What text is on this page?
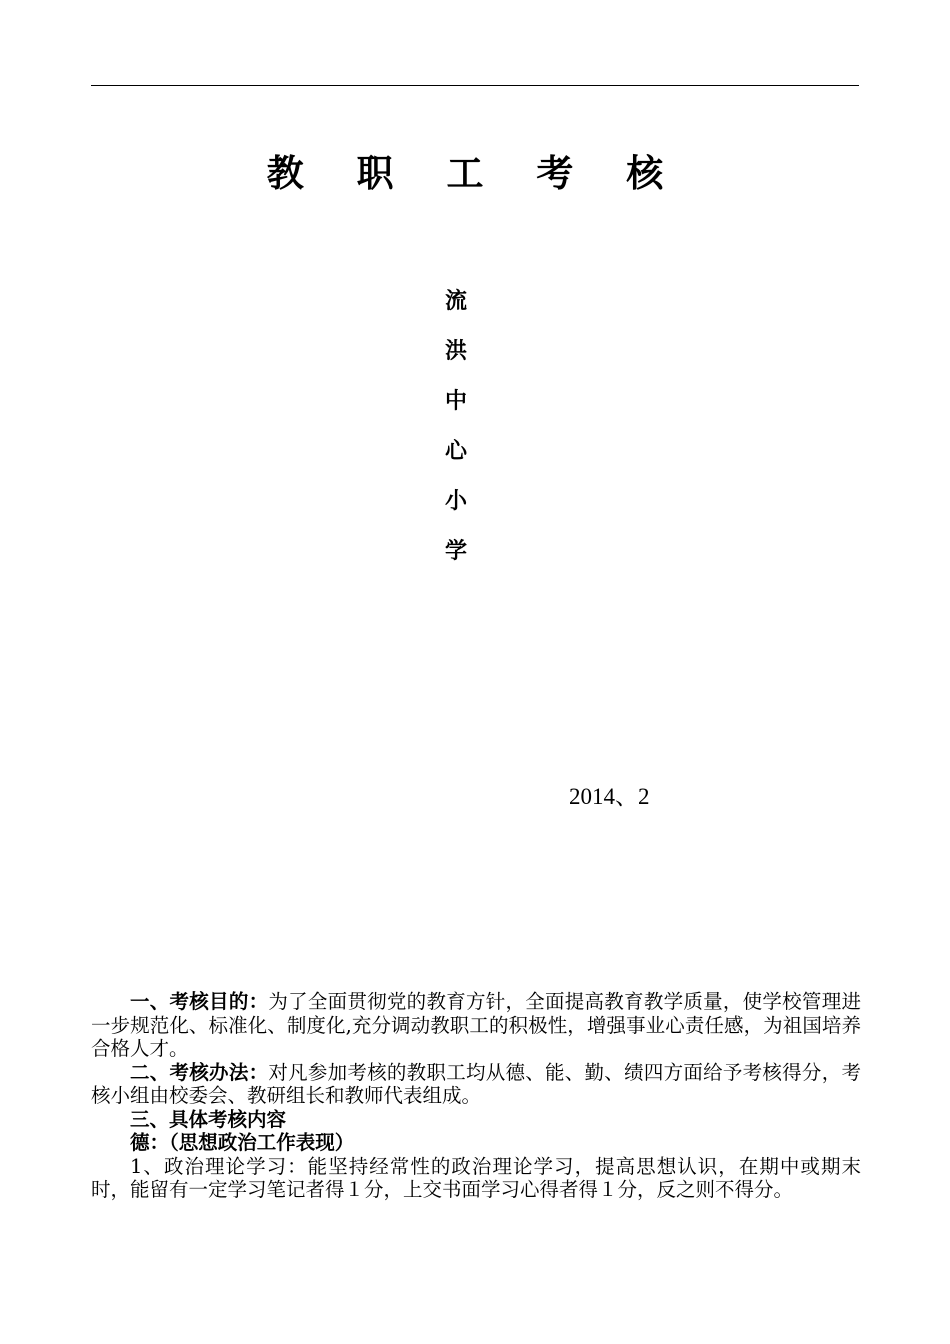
教 职 工 考 核
流
洪
中
心
小
学
2014、2

一、考核目的：为了全面贯彻党的教育方针，全面提高教育教学质量，使学校管理进一步规范化、标准化、制度化,充分调动教职工的积极性，增强事业心责任感，为祖国培养合格人才。

二、考核办法：对凡参加考核的教职工均从德、能、勤、绩四方面给予考核得分，考核小组由校委会、教研组长和教师代表组成。

三、具体考核内容

德：（思想政治工作表现）

1、政治理论学习：能坚持经常性的政治理论学习，提高思想认识，在期中或期末时，能留有一定学习笔记者得１分，上交书面学习心得者得１分，反之则不得分。
